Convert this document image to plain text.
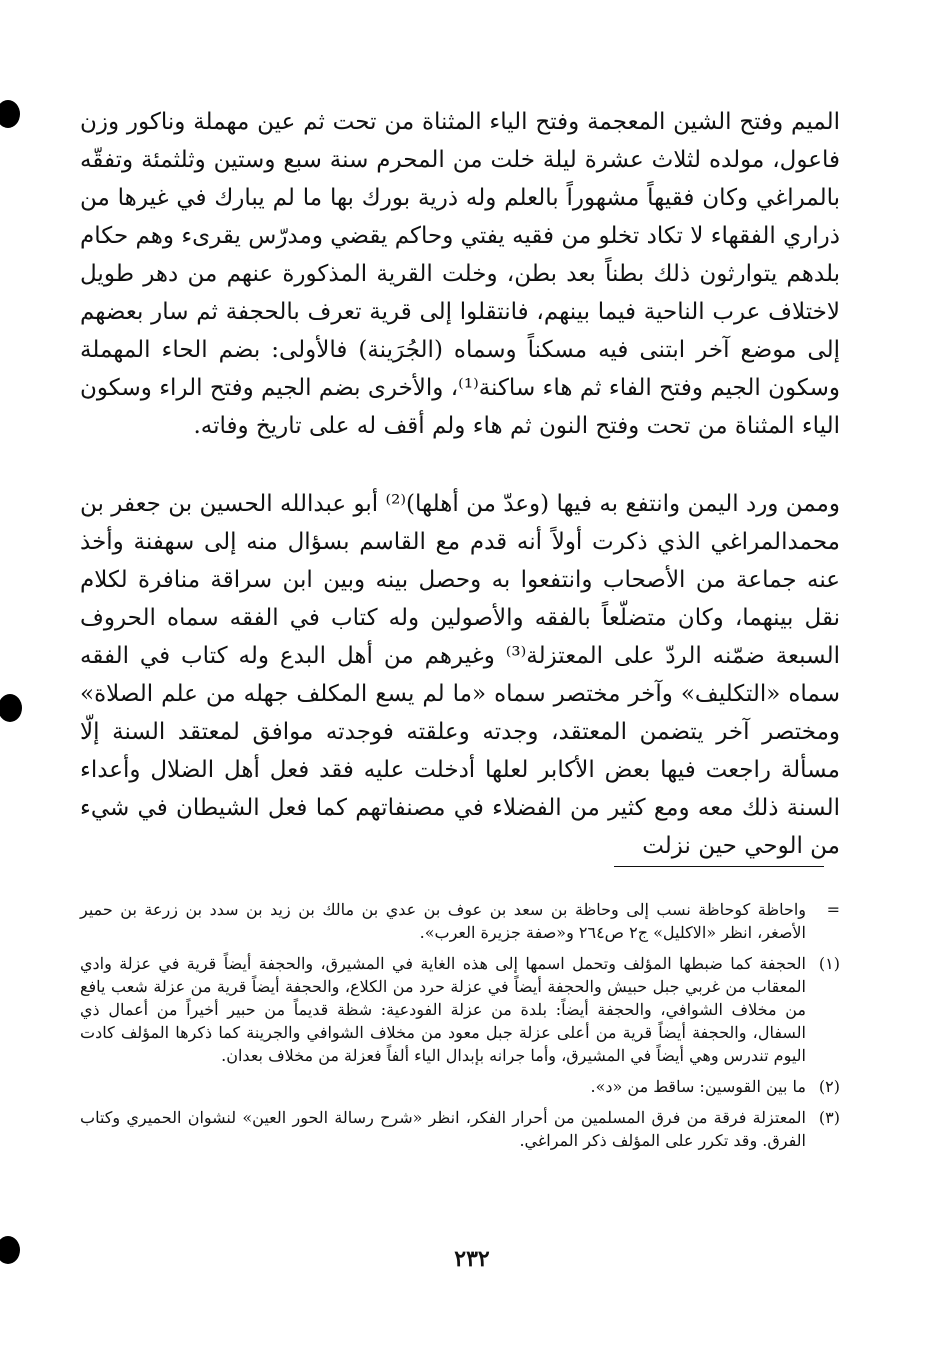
الميم وفتح الشين المعجمة وفتح الياء المثناة من تحت ثم عين مهملة وناكور وزن فاعول، مولده لثلاث عشرة ليلة خلت من المحرم سنة سبع وستين وثلثمئة وتفقّه بالمراغي وكان فقيهاً مشهوراً بالعلم وله ذرية بورك بها ما لم يبارك في غيرها من ذراري الفقهاء لا تكاد تخلو من فقيه يفتي وحاكم يقضي ومدرّس يقرىء وهم حكام بلدهم يتوارثون ذلك بطناً بعد بطن، وخلت القرية المذكورة عنهم من دهر طويل لاختلاف عرب الناحية فيما بينهم، فانتقلوا إلى قرية تعرف بالحجفة ثم سار بعضهم إلى موضع آخر ابتنى فيه مسكناً وسماه (الجُرَينة) فالأولى: بضم الحاء المهملة وسكون الجيم وفتح الفاء ثم هاء ساكنة⁽¹⁾، والأخرى بضم الجيم وفتح الراء وسكون الياء المثناة من تحت وفتح النون ثم هاء ولم أقف له على تاريخ وفاته.

وممن ورد اليمن وانتفع به فيها (وعدّ من أهلها)⁽²⁾ أبو عبدالله الحسين بن جعفر بن محمدالمراغي الذي ذكرت أولاً أنه قدم مع القاسم بسؤال منه إلى سهفنة وأخذ عنه جماعة من الأصحاب وانتفعوا به وحصل بينه وبين ابن سراقة منافرة لكلام نقل بينهما، وكان متضلّعاً بالفقه والأصولين وله كتاب في الفقه سماه الحروف السبعة ضمّنه الردّ على المعتزلة⁽³⁾ وغيرهم من أهل البدع وله كتاب في الفقه سماه «التكليف» وآخر مختصر سماه «ما لم يسع المكلف جهله من علم الصلاة» ومختصر آخر يتضمن المعتقد، وجدته وعلقته فوجدته موافق لمعتقد السنة إلّا مسألة راجعت فيها بعض الأكابر لعلها أدخلت عليه فقد فعل أهل الضلال وأعداء السنة ذلك معه ومع كثير من الفضلاء في مصنفاتهم كما فعل الشيطان في شيء من الوحي حين نزلت

=
واحاظة كوحاظة نسب إلى وحاظة بن سعد بن عوف بن عدي بن مالك بن زيد بن سدد بن زرعة بن حمير الأصغر، انظر «الاكليل» ج٢ ص٢٦٤ و«صفة جزيرة العرب».
(١)
الحجفة كما ضبطها المؤلف وتحمل اسمها إلى هذه الغاية في المشيرق، والحجفة أيضاً قرية في عزلة وادي المعقاب من غربي جبل حبيش والحجفة أيضاً في عزلة حرد من الكلاع، والحجفة أيضاً قرية من عزلة شعب يافع من مخلاف الشوافي، والحجفة أيضاً: بلدة من عزلة الفودعية: شظة قديماً من حبير أخيراً من أعمال ذي السفال، والحجفة أيضاً قرية من أعلى عزلة جبل معود من مخلاف الشوافي والجرينة كما ذكرها المؤلف كادت اليوم تندرس وهي أيضاً في المشيرق، وأما جرانه بإبدال الياء ألفاً فعزلة من مخلاف بعدان.
(٢)
ما بين القوسين: ساقط من «د».
(٣)
المعتزلة فرقة من فرق المسلمين من أحرار الفكر، انظر «شرح رسالة الحور العين» لنشوان الحميري وكتاب الفرق. وقد تكرر على المؤلف ذكر المراغي.
٢٣٢
